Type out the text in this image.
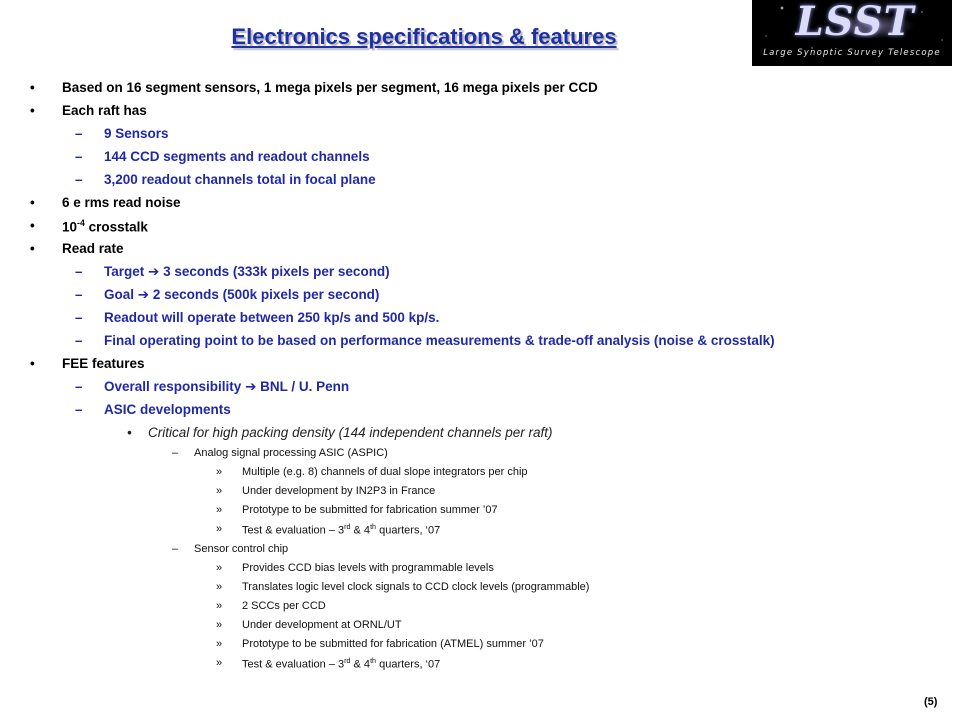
Electronics specifications & features	LSST
Large Synoptic Survey Telescope
• Based on 16 segment sensors, 1 mega pixels per segment, 16 mega pixels per CCD
• Each raft has
– 9 Sensors
– 144 CCD segments and readout channels
– 3,200 readout channels total in focal plane
• 6 e rms read noise
• $10^{-4}$ crosstalk
• Read rate
– Target ➔ 3 seconds (333k pixels per second)
– Goal ➔ 2 seconds (500k pixels per second)
– Readout will operate between 250 kp/s and 500 kp/s.
– Final operating point to be based on performance measurements & trade-off analysis (noise & crosstalk)
• FEE features
– Overall responsibility ➔ BNL / U. Penn
– ASIC developments
• Critical for high packing density (144 independent channels per raft)
– Analog signal processing ASIC (ASPIC)
» Multiple (e.g. 8) channels of dual slope integrators per chip
» Under development by IN2P3 in France
» Prototype to be submitted for fabrication summer ’07
» Test & evaluation – 3rd & 4th quarters, ‘07
– Sensor control chip
» Provides CCD bias levels with programmable levels
» Translates logic level clock signals to CCD clock levels (programmable)
» 2 SCCs per CCD
» Under development at ORNL/UT
» Prototype to be submitted for fabrication (ATMEL) summer ’07
» Test & evaluation – 3rd & 4th quarters, ‘07
(5)
